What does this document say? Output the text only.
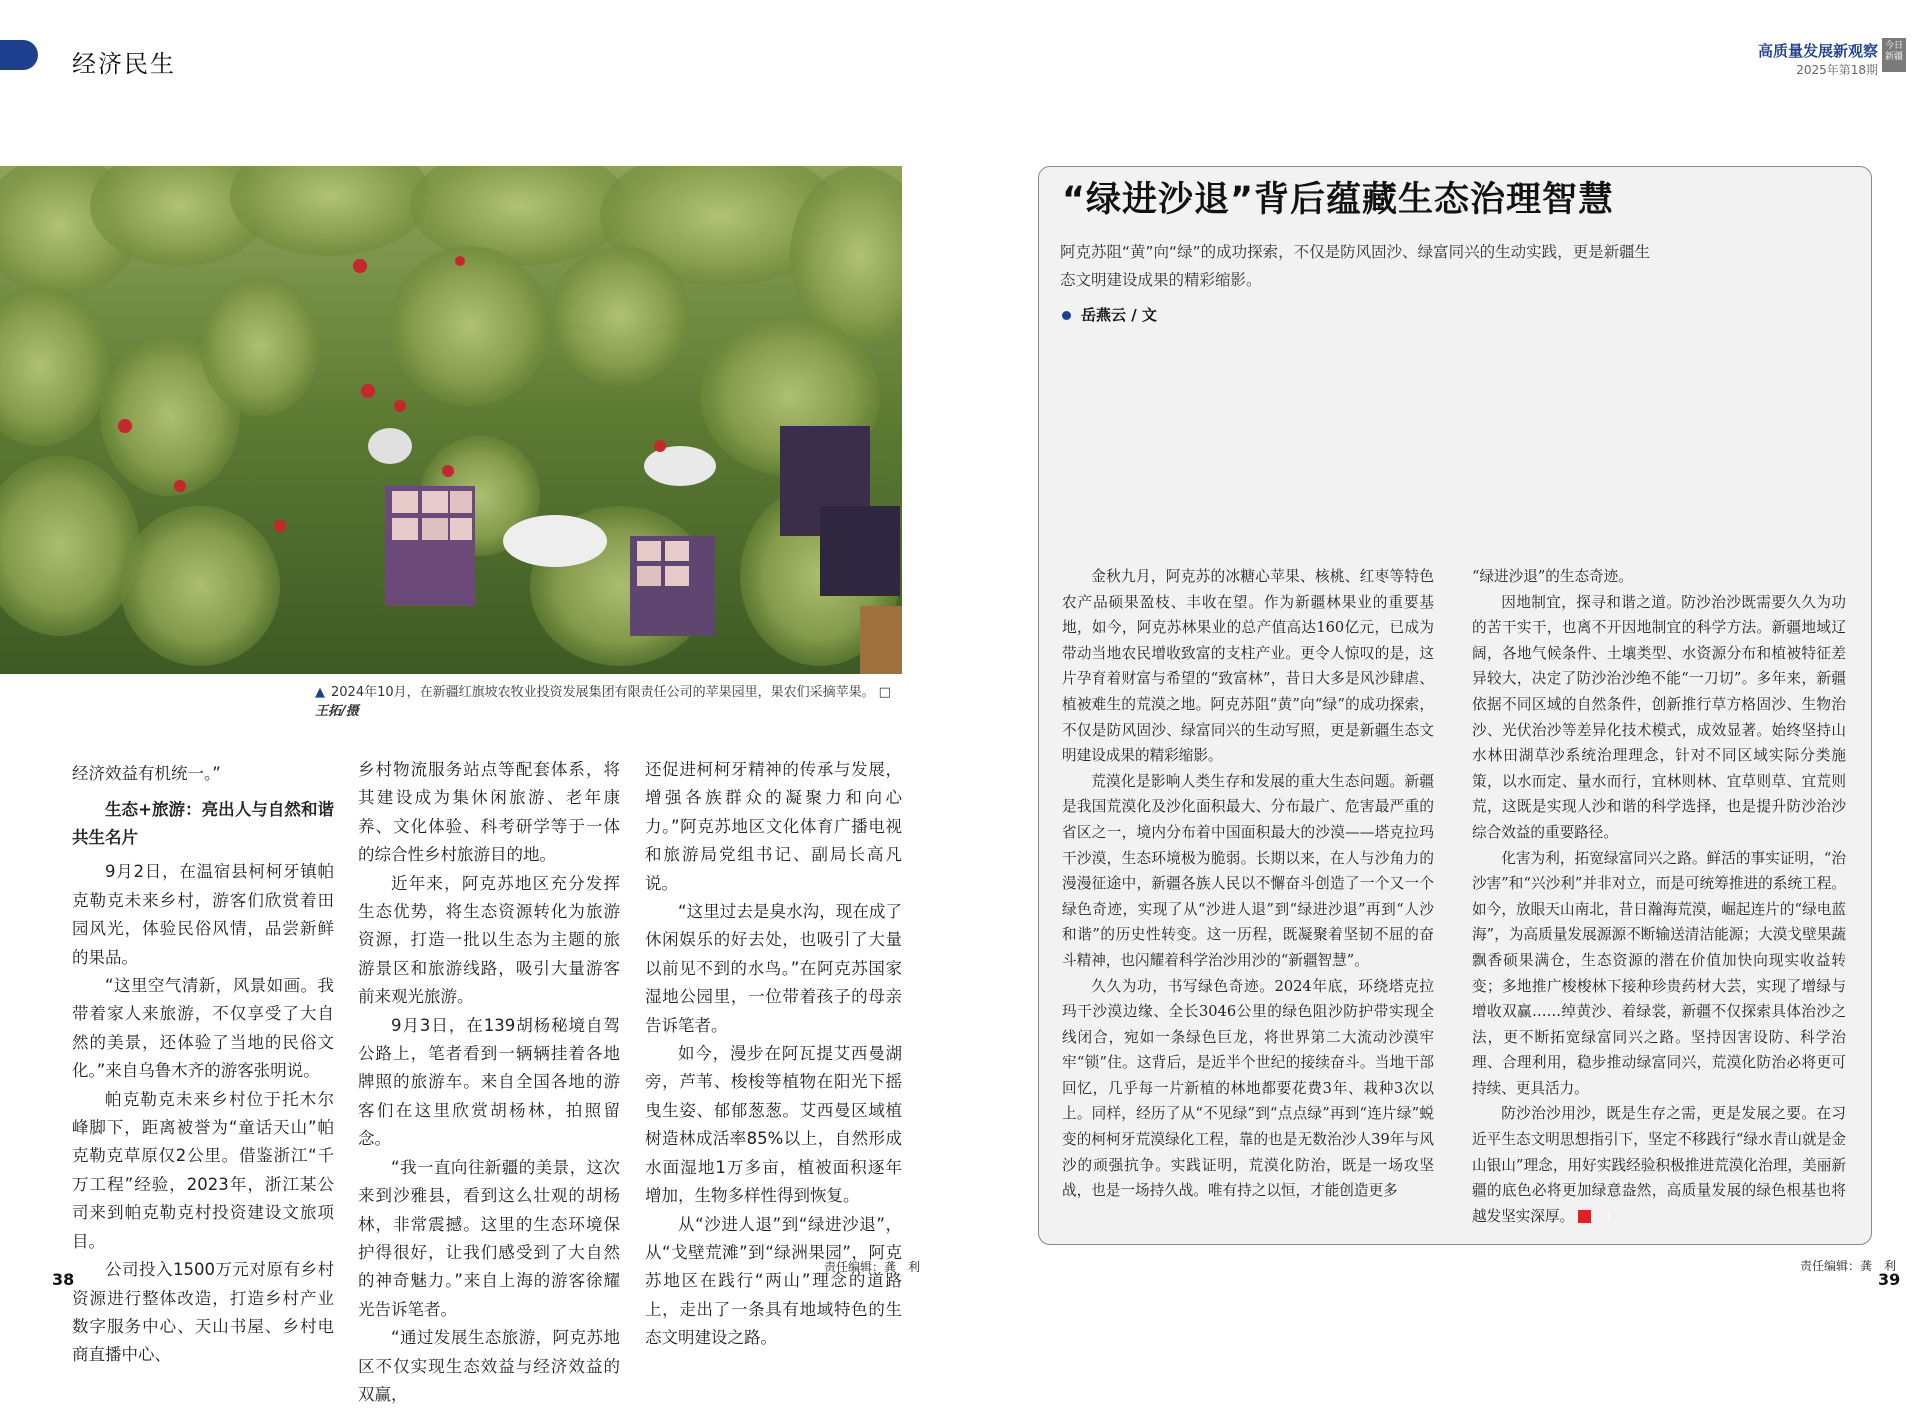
经济民生	高质量发展新观察
2025年第18期
今日新疆
▲ 2024年10月，在新疆红旗坡农牧业投资发展集团有限责任公司的苹果园里，果农们采摘苹果。 □王拓/摄

经济效益有机统一。”

生态+旅游：亮出人与自然和谐共生名片

9月2日，在温宿县柯柯牙镇帕克勒克未来乡村，游客们欣赏着田园风光，体验民俗风情，品尝新鲜的果品。

“这里空气清新，风景如画。我带着家人来旅游，不仅享受了大自然的美景，还体验了当地的民俗文化。”来自乌鲁木齐的游客张明说。

帕克勒克未来乡村位于托木尔峰脚下，距离被誉为“童话天山”帕克勒克草原仅2公里。借鉴浙江“千万工程”经验，2023年，浙江某公司来到帕克勒克村投资建设文旅项目。

公司投入1500万元对原有乡村资源进行整体改造，打造乡村产业数字服务中心、天山书屋、乡村电商直播中心、

乡村物流服务站点等配套体系，将其建设成为集休闲旅游、老年康养、文化体验、科考研学等于一体的综合性乡村旅游目的地。

近年来，阿克苏地区充分发挥生态优势，将生态资源转化为旅游资源，打造一批以生态为主题的旅游景区和旅游线路，吸引大量游客前来观光旅游。

9月3日，在139胡杨秘境自驾公路上，笔者看到一辆辆挂着各地牌照的旅游车。来自全国各地的游客们在这里欣赏胡杨林，拍照留念。

“我一直向往新疆的美景，这次来到沙雅县，看到这么壮观的胡杨林，非常震撼。这里的生态环境保护得很好，让我们感受到了大自然的神奇魅力。”来自上海的游客徐耀光告诉笔者。

“通过发展生态旅游，阿克苏地区不仅实现生态效益与经济效益的双赢，

还促进柯柯牙精神的传承与发展，增强各族群众的凝聚力和向心力。”阿克苏地区文化体育广播电视和旅游局党组书记、副局长高凡说。

“这里过去是臭水沟，现在成了休闲娱乐的好去处，也吸引了大量以前见不到的水鸟。”在阿克苏国家湿地公园里，一位带着孩子的母亲告诉笔者。

如今，漫步在阿瓦提艾西曼湖旁，芦苇、梭梭等植物在阳光下摇曳生姿、郁郁葱葱。艾西曼区域植树造林成活率85%以上，自然形成水面湿地1万多亩，植被面积逐年增加，生物多样性得到恢复。

从“沙进人退”到“绿进沙退”，从“戈壁荒滩”到“绿洲果园”，阿克苏地区在践行“两山”理念的道路上，走出了一条具有地域特色的生态文明建设之路。

责任编辑：龚　利
38
“绿进沙退”背后蕴藏生态治理智慧
阿克苏阻“黄”向“绿”的成功探索，不仅是防风固沙、绿富同兴的生动实践，更是新疆生态文明建设成果的精彩缩影。
岳燕云 / 文

金秋九月，阿克苏的冰糖心苹果、核桃、红枣等特色农产品硕果盈枝、丰收在望。作为新疆林果业的重要基地，如今，阿克苏林果业的总产值高达160亿元，已成为带动当地农民增收致富的支柱产业。更令人惊叹的是，这片孕育着财富与希望的“致富林”，昔日大多是风沙肆虐、植被难生的荒漠之地。阿克苏阻“黄”向“绿”的成功探索，不仅是防风固沙、绿富同兴的生动写照，更是新疆生态文明建设成果的精彩缩影。

荒漠化是影响人类生存和发展的重大生态问题。新疆是我国荒漠化及沙化面积最大、分布最广、危害最严重的省区之一，境内分布着中国面积最大的沙漠——塔克拉玛干沙漠，生态环境极为脆弱。长期以来，在人与沙角力的漫漫征途中，新疆各族人民以不懈奋斗创造了一个又一个绿色奇迹，实现了从“沙进人退”到“绿进沙退”再到“人沙和谐”的历史性转变。这一历程，既凝聚着坚韧不屈的奋斗精神，也闪耀着科学治沙用沙的“新疆智慧”。

久久为功，书写绿色奇迹。2024年底，环绕塔克拉玛干沙漠边缘、全长3046公里的绿色阻沙防护带实现全线闭合，宛如一条绿色巨龙，将世界第二大流动沙漠牢牢“锁”住。这背后，是近半个世纪的接续奋斗。当地干部回忆，几乎每一片新植的林地都要花费3年、栽种3次以上。同样，经历了从“不见绿”到“点点绿”再到“连片绿”蜕变的柯柯牙荒漠绿化工程，靠的也是无数治沙人39年与风沙的顽强抗争。实践证明，荒漠化防治，既是一场攻坚战，也是一场持久战。唯有持之以恒，才能创造更多

“绿进沙退”的生态奇迹。

因地制宜，探寻和谐之道。防沙治沙既需要久久为功的苦干实干，也离不开因地制宜的科学方法。新疆地域辽阔，各地气候条件、土壤类型、水资源分布和植被特征差异较大，决定了防沙治沙绝不能“一刀切”。多年来，新疆依据不同区域的自然条件，创新推行草方格固沙、生物治沙、光伏治沙等差异化技术模式，成效显著。始终坚持山水林田湖草沙系统治理理念，针对不同区域实际分类施策，以水而定、量水而行，宜林则林、宜草则草、宜荒则荒，这既是实现人沙和谐的科学选择，也是提升防沙治沙综合效益的重要路径。

化害为利，拓宽绿富同兴之路。鲜活的事实证明，“治沙害”和“兴沙利”并非对立，而是可统筹推进的系统工程。如今，放眼天山南北，昔日瀚海荒漠，崛起连片的“绿电蓝海”，为高质量发展源源不断输送清洁能源；大漠戈壁果蔬飘香硕果满仓，生态资源的潜在价值加快向现实收益转变；多地推广梭梭林下接种珍贵药材大芸，实现了增绿与增收双赢……绰黄沙、着绿裳，新疆不仅探索具体治沙之法，更不断拓宽绿富同兴之路。坚持因害设防、科学治理、合理利用，稳步推动绿富同兴，荒漠化防治必将更可持续、更具活力。

防沙治沙用沙，既是生存之需，更是发展之要。在习近平生态文明思想指引下，坚定不移践行“绿水青山就是金山银山”理念，用好实践经验积极推进荒漠化治理，美丽新疆的底色必将更加绿意盎然，高质量发展的绿色根基也将越发坚实深厚。	J

责任编辑：龚　利
39
